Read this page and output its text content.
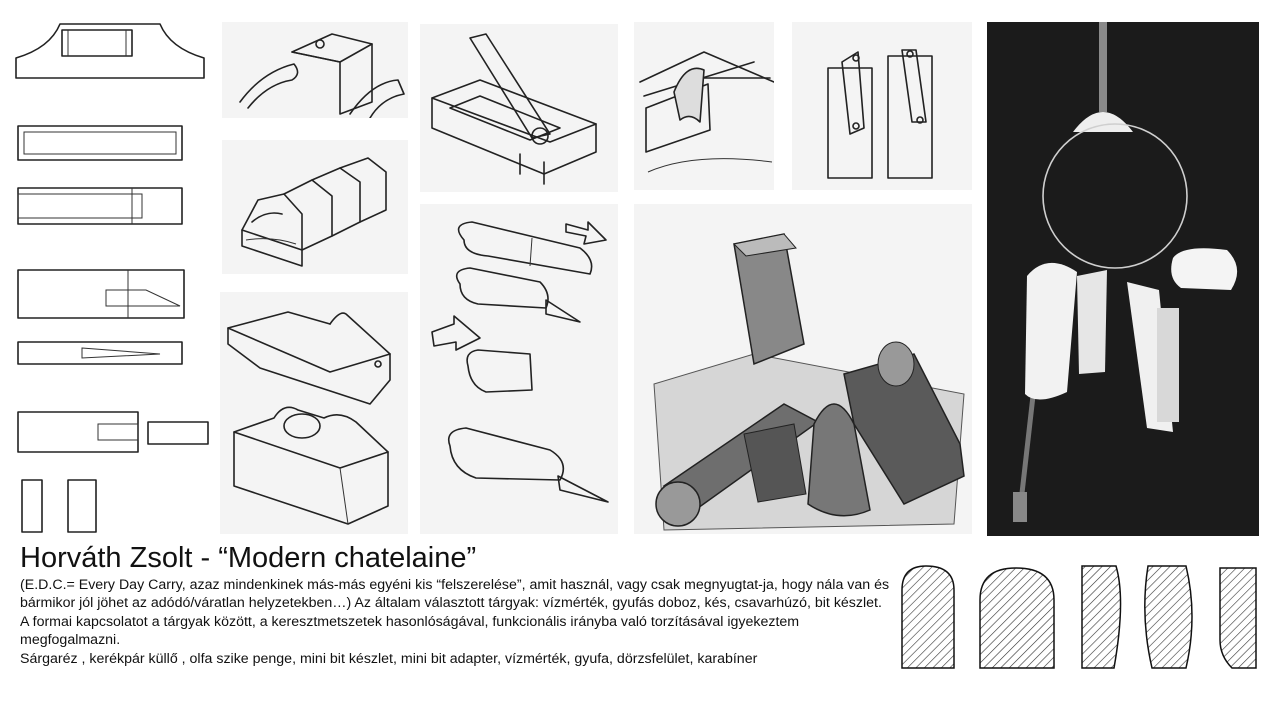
Horváth Zsolt - “Modern chatelaine”

(E.D.C.= Every Day Carry, azaz mindenkinek más-más egyéni kis “felszerelése”, amit használ, vagy csak megnyugtat-ja, hogy nála van és bármikor jól jöhet az adódó/váratlan helyzetekben…) Az általam választott tárgyak: vízmérték, gyufás doboz, kés, csavarhúzó, bit készlet.

A formai kapcsolatot a tárgyak között, a keresztmetszetek hasonlóságával, funkcionális irányba való torzításával igyekeztem megfogalmazni.

Sárgaréz , kerékpár küllő , olfa szike penge, mini bit készlet, mini bit adapter, vízmérték, gyufa, dörzsfelület, karabíner
